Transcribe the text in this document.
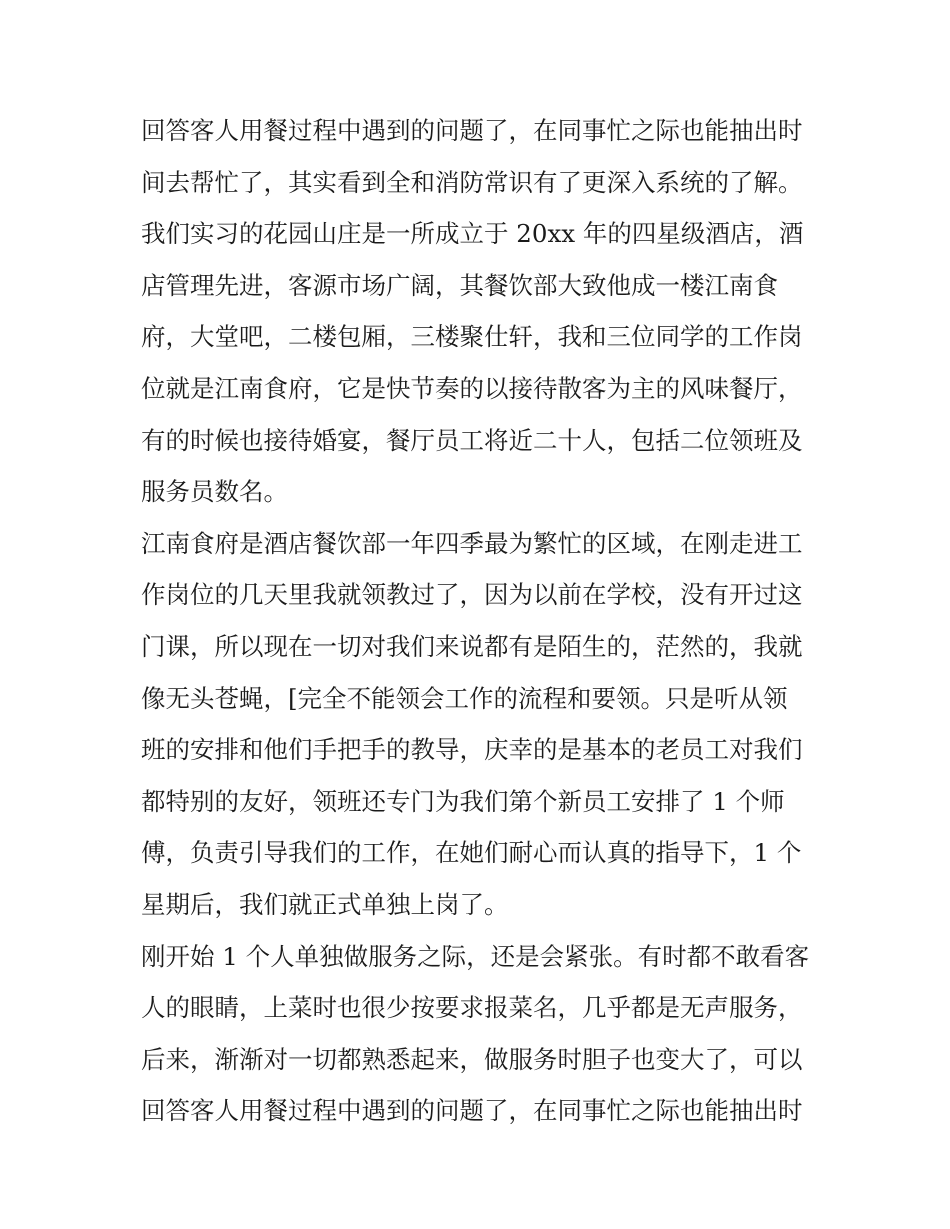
回答客人用餐过程中遇到的问题了，在同事忙之际也能抽出时
间去帮忙了，其实看到全和消防常识有了更深入系统的了解。
我们实习的花园山庄是一所成立于 20xx 年的四星级酒店，酒
店管理先进，客源市场广阔，其餐饮部大致他成一楼江南食
府，大堂吧，二楼包厢，三楼聚仕轩，我和三位同学的工作岗
位就是江南食府，它是快节奏的以接待散客为主的风味餐厅，
有的时候也接待婚宴，餐厅员工将近二十人，包括二位领班及
服务员数名。
江南食府是酒店餐饮部一年四季最为繁忙的区域，在刚走进工
作岗位的几天里我就领教过了，因为以前在学校，没有开过这
门课，所以现在一切对我们来说都有是陌生的，茫然的，我就
像无头苍蝇，[完全不能领会工作的流程和要领。只是听从领
班的安排和他们手把手的教导，庆幸的是基本的老员工对我们
都特别的友好，领班还专门为我们第个新员工安排了 1 个师
傅，负责引导我们的工作，在她们耐心而认真的指导下，1 个
星期后，我们就正式单独上岗了。
刚开始 1 个人单独做服务之际，还是会紧张。有时都不敢看客
人的眼睛，上菜时也很少按要求报菜名，几乎都是无声服务，
后来，渐渐对一切都熟悉起来，做服务时胆子也变大了，可以
回答客人用餐过程中遇到的问题了，在同事忙之际也能抽出时
